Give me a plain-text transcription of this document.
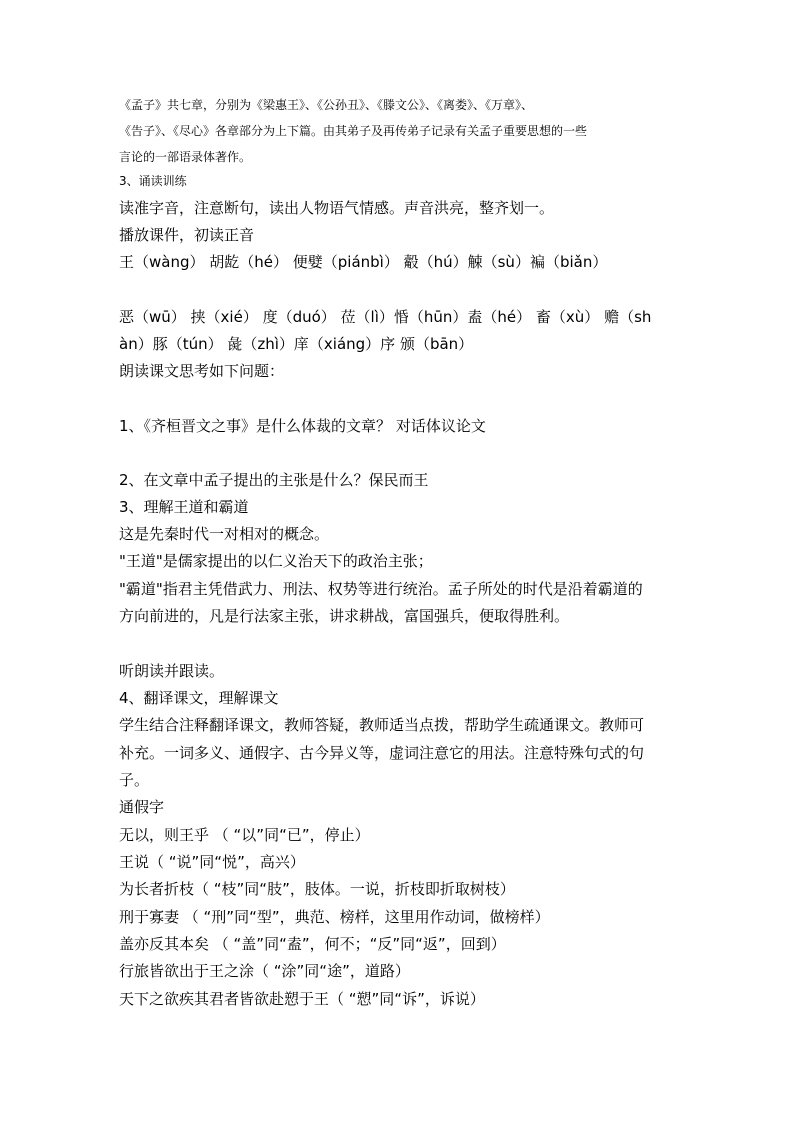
《孟子》共七章，分别为《梁惠王》、《公孙丑》、《滕文公》、《离娄》、《万章》、
《告子》、《尽心》各章部分为上下篇。由其弟子及再传弟子记录有关孟子重要思想的一些
言论的一部语录体著作。
3、诵读训练
读准字音，注意断句，读出人物语气情感。声音洪亮，整齐划一。
播放课件，初读正音
王（wàng） 胡龁（hé） 便嬖（piánbì） 觳（hú）觫（sù）褊（biǎn）
恶（wū） 挟（xié） 度（duó） 莅（lì）惛（hūn）盍（hé） 畜（xù） 赡（sh
àn）豚（tún） 彘（zhì）庠（xiáng）序 颁（bān）
朗读课文思考如下问题：
1、《齐桓晋文之事》是什么体裁的文章？ 对话体议论文
2、在文章中孟子提出的主张是什么？保民而王
3、理解王道和霸道
这是先秦时代一对相对的概念。
"王道"是儒家提出的以仁义治天下的政治主张；
"霸道"指君主凭借武力、刑法、权势等进行统治。孟子所处的时代是沿着霸道的
方向前进的，凡是行法家主张，讲求耕战，富国强兵，便取得胜利。
听朗读并跟读。
4、翻译课文，理解课文
学生结合注释翻译课文，教师答疑，教师适当点拨，帮助学生疏通课文。教师可
补充。一词多义、通假字、古今异义等，虚词注意它的用法。注意特殊句式的句
子。
通假字
无以，则王乎 （ “以”同“已”，停止）
王说（ “说”同“悦”，高兴）
为长者折枝（ “枝”同“肢”，肢体。一说，折枝即折取树枝）
刑于寡妻 （ “刑”同“型”，典范、榜样，这里用作动词，做榜样）
盖亦反其本矣 （ “盖”同“盍”，何不；“反”同“返”，回到）
行旅皆欲出于王之涂（ “涂”同“途”，道路）
天下之欲疾其君者皆欲赴愬于王（ “愬”同“诉”，诉说）
